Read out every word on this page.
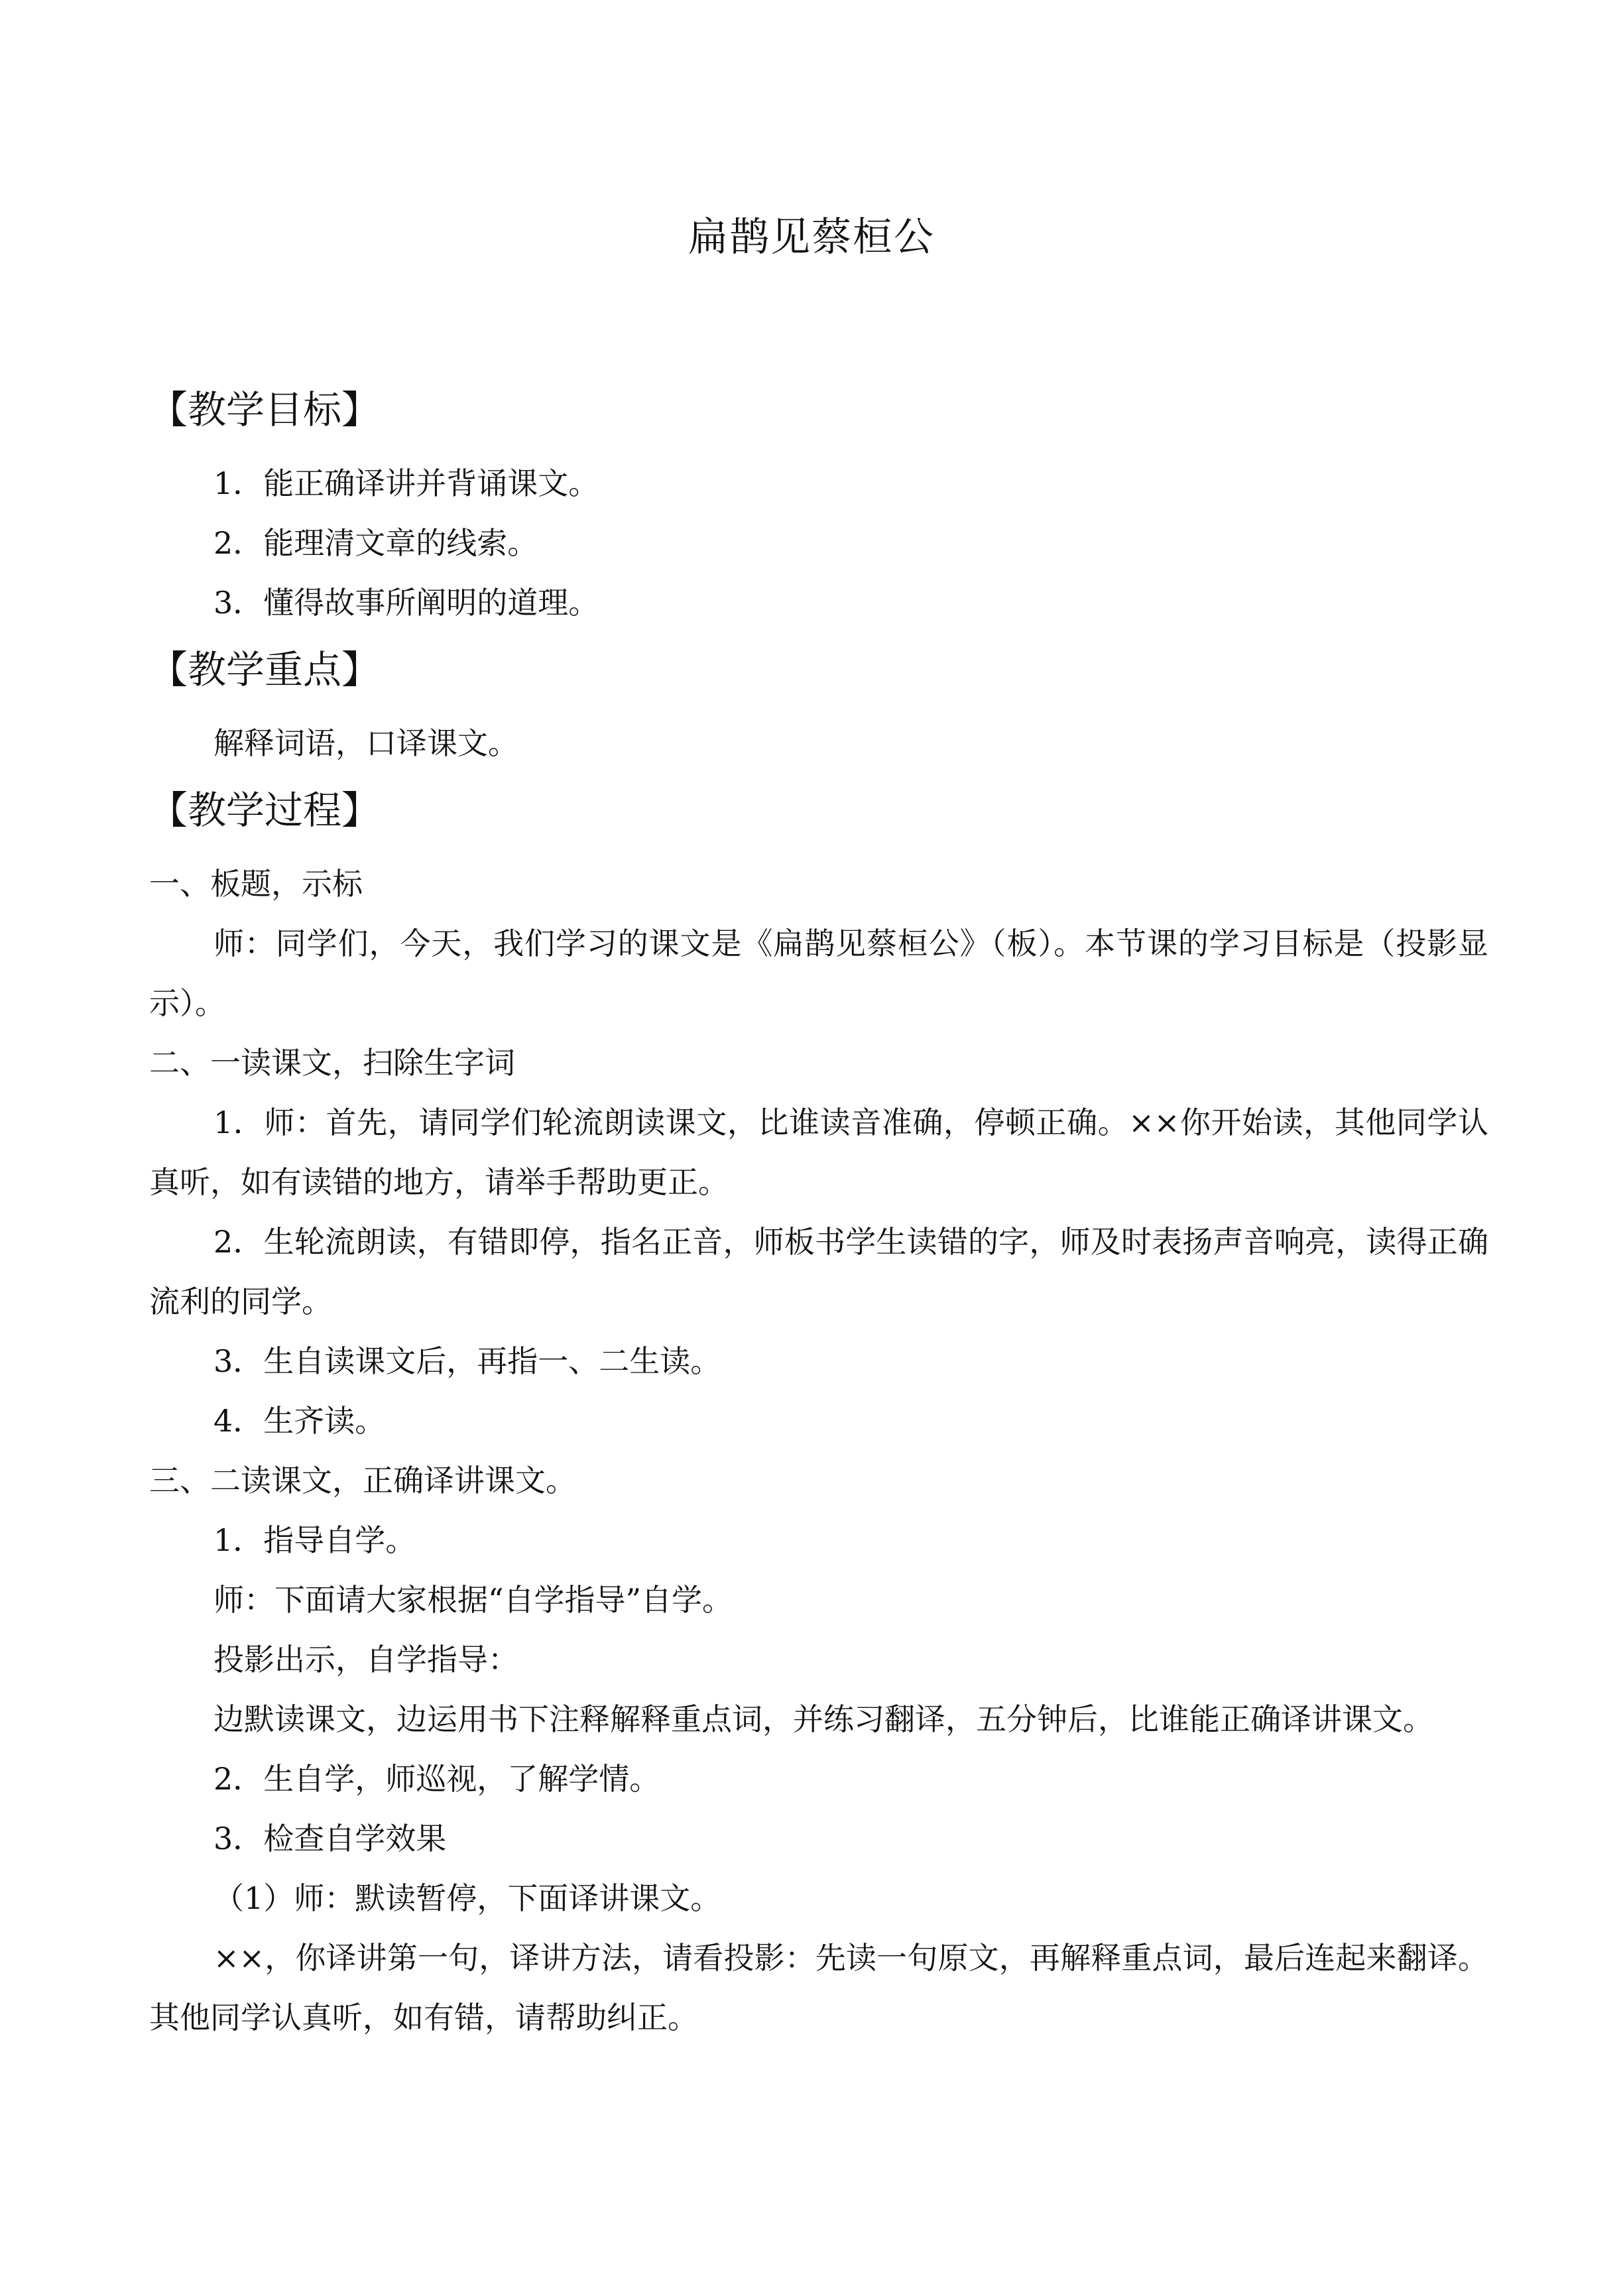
扁鹊见蔡桓公
【教学目标】
1．能正确译讲并背诵课文。
2．能理清文章的线索。
3．懂得故事所阐明的道理。
【教学重点】
解释词语，口译课文。
【教学过程】
一、板题，示标
师：同学们，今天，我们学习的课文是《扁鹊见蔡桓公》（板）。本节课的学习目标是（投影显示）。
二、一读课文，扫除生字词
1．师：首先，请同学们轮流朗读课文，比谁读音准确，停顿正确。××你开始读，其他同学认真听，如有读错的地方，请举手帮助更正。
2．生轮流朗读，有错即停，指名正音，师板书学生读错的字，师及时表扬声音响亮，读得正确流利的同学。
3．生自读课文后，再指一、二生读。
4．生齐读。
三、二读课文，正确译讲课文。
1．指导自学。
师：下面请大家根据“自学指导”自学。
投影出示，自学指导：
边默读课文，边运用书下注释解释重点词，并练习翻译，五分钟后，比谁能正确译讲课文。
2．生自学，师巡视，了解学情。
3．检查自学效果
（1）师：默读暂停，下面译讲课文。
××，你译讲第一句，译讲方法，请看投影：先读一句原文，再解释重点词，最后连起来翻译。其他同学认真听，如有错，请帮助纠正。
